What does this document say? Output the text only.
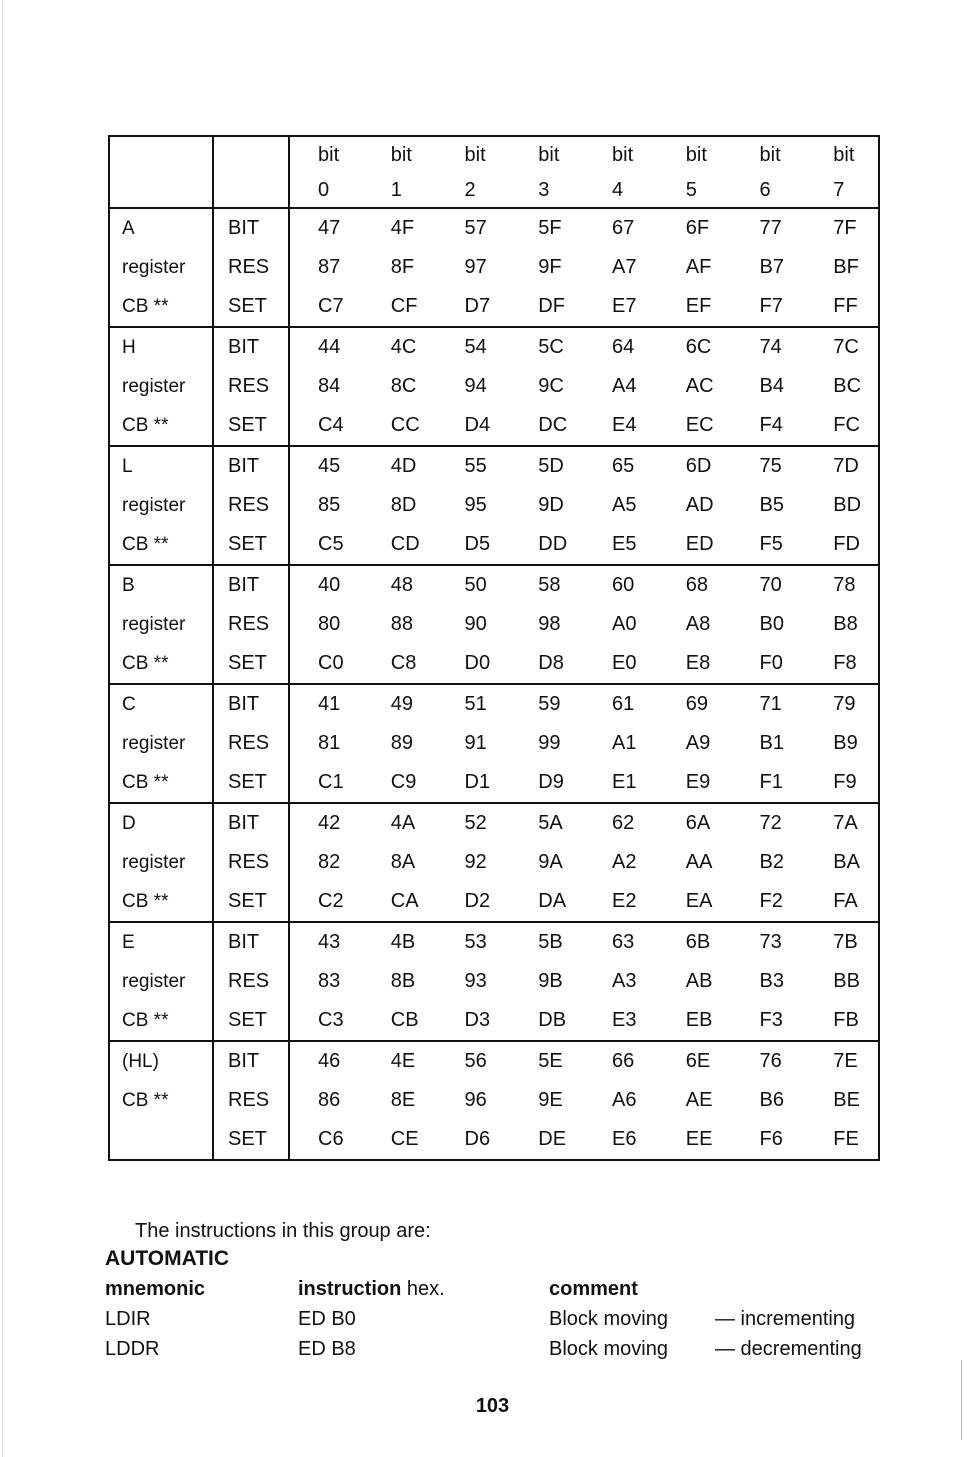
		bit	bit	bit	bit	bit	bit	bit	bit
		0	1	2	3	4	5	6	7
A	BIT	47	4F	57	5F	67	6F	77	7F
register	RES	87	8F	97	9F	A7	AF	B7	BF
CB **	SET	C7	CF	D7	DF	E7	EF	F7	FF
H	BIT	44	4C	54	5C	64	6C	74	7C
register	RES	84	8C	94	9C	A4	AC	B4	BC
CB **	SET	C4	CC	D4	DC	E4	EC	F4	FC
L	BIT	45	4D	55	5D	65	6D	75	7D
register	RES	85	8D	95	9D	A5	AD	B5	BD
CB **	SET	C5	CD	D5	DD	E5	ED	F5	FD
B	BIT	40	48	50	58	60	68	70	78
register	RES	80	88	90	98	A0	A8	B0	B8
CB **	SET	C0	C8	D0	D8	E0	E8	F0	F8
C	BIT	41	49	51	59	61	69	71	79
register	RES	81	89	91	99	A1	A9	B1	B9
CB **	SET	C1	C9	D1	D9	E1	E9	F1	F9
D	BIT	42	4A	52	5A	62	6A	72	7A
register	RES	82	8A	92	9A	A2	AA	B2	BA
CB **	SET	C2	CA	D2	DA	E2	EA	F2	FA
E	BIT	43	4B	53	5B	63	6B	73	7B
register	RES	83	8B	93	9B	A3	AB	B3	BB
CB **	SET	C3	CB	D3	DB	E3	EB	F3	FB
(HL)	BIT	46	4E	56	5E	66	6E	76	7E
CB **	RES	86	8E	96	9E	A6	AE	B6	BE
	SET	C6	CE	D6	DE	E6	EE	F6	FE
The instructions in this group are:
AUTOMATIC
mnemonic	instruction hex.	comment
LDIR	ED B0	Block moving — incrementing
LDDR	ED B8	Block moving — decrementing
103
